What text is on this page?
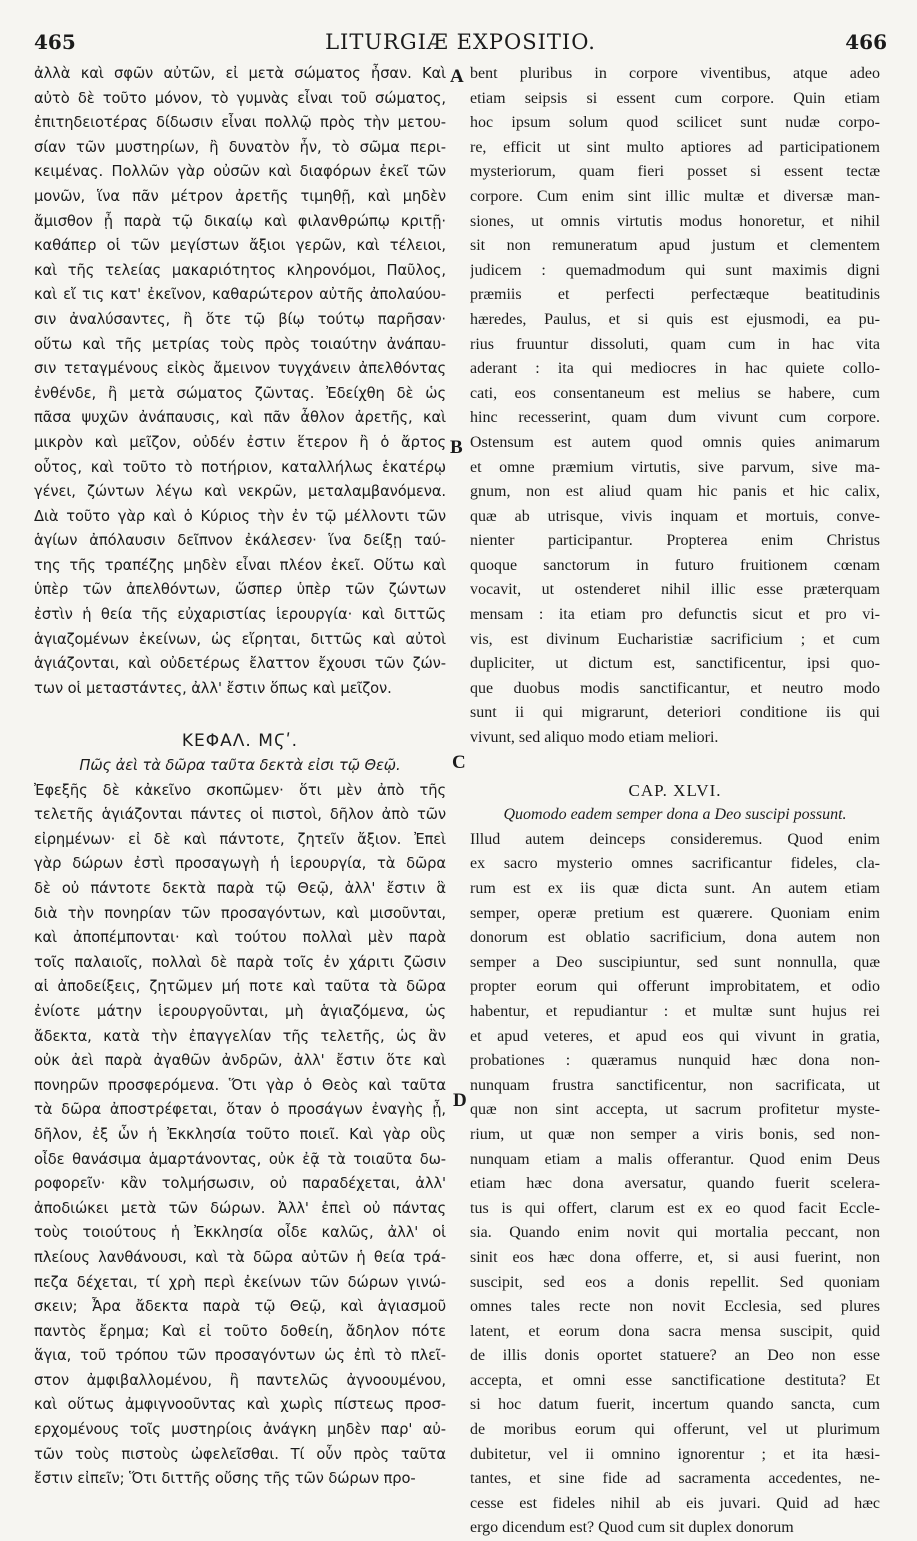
465	LITURGIÆ EXPOSITIO.	466
A
B
C
D
ἀλλὰ καὶ σφῶν αὐτῶν, εἰ μετὰ σώματος ἦσαν. Καὶ
αὐτὸ δὲ τοῦτο μόνον, τὸ γυμνὰς εἶναι τοῦ σώματος,
ἐπιτηδειοτέρας δίδωσιν εἶναι πολλῷ πρὸς τὴν μετου-
σίαν τῶν μυστηρίων, ἢ δυνατὸν ἦν, τὸ σῶμα περι-
κειμένας. Πολλῶν γὰρ οὐσῶν καὶ διαφόρων ἐκεῖ τῶν
μονῶν, ἵνα πᾶν μέτρον ἀρετῆς τιμηθῇ, καὶ μηδὲν
ἄμισθον ᾖ παρὰ τῷ δικαίῳ καὶ φιλανθρώπῳ κριτῇ·
καθάπερ οἱ τῶν μεγίστων ἄξιοι γερῶν, καὶ τέλειοι,
καὶ τῆς τελείας μακαριότητος κληρονόμοι, Παῦλος,
καὶ εἴ τις κατ' ἐκεῖνον, καθαρώτερον αὐτῆς ἀπολαύου-
σιν ἀναλύσαντες, ἢ ὅτε τῷ βίῳ τούτῳ παρῆσαν·
οὕτω καὶ τῆς μετρίας τοὺς πρὸς τοιαύτην ἀνάπαυ-
σιν τεταγμένους εἰκὸς ἄμεινον τυγχάνειν ἀπελθόντας
ἐνθένδε, ἢ μετὰ σώματος ζῶντας. Ἐδείχθη δὲ ὡς
πᾶσα ψυχῶν ἀνάπαυσις, καὶ πᾶν ἆθλον ἀρετῆς, καὶ
μικρὸν καὶ μεῖζον, οὐδέν ἐστιν ἕτερον ἢ ὁ ἄρτος
οὗτος, καὶ τοῦτο τὸ ποτήριον, καταλλήλως ἑκατέρῳ
γένει, ζώντων λέγω καὶ νεκρῶν, μεταλαμβανόμενα.
Διὰ τοῦτο γὰρ καὶ ὁ Κύριος τὴν ἐν τῷ μέλλοντι τῶν
ἁγίων ἀπόλαυσιν δεῖπνον ἐκάλεσεν· ἵνα δείξῃ ταύ-
της τῆς τραπέζης μηδὲν εἶναι πλέον ἐκεῖ. Οὕτω καὶ
ὑπὲρ τῶν ἀπελθόντων, ὥσπερ ὑπὲρ τῶν ζώντων
ἐστὶν ἡ θεία τῆς εὐχαριστίας ἱερουργία· καὶ διττῶς
ἁγιαζομένων ἐκείνων, ὡς εἴρηται, διττῶς καὶ αὐτοὶ
ἁγιάζονται, καὶ οὐδετέρως ἔλαττον ἔχουσι τῶν ζών-
των οἱ μεταστάντες, ἀλλ' ἔστιν ὅπως καὶ μεῖζον.
ΚΕΦΑΛ. ΜϚʹ.
Πῶς ἀεὶ τὰ δῶρα ταῦτα δεκτὰ εἰσι τῷ Θεῷ.
Ἐφεξῆς δὲ κἀκεῖνο σκοπῶμεν· ὅτι μὲν ἀπὸ τῆς
τελετῆς ἁγιάζονται πάντες οἱ πιστοὶ, δῆλον ἀπὸ τῶν
εἰρημένων· εἰ δὲ καὶ πάντοτε, ζητεῖν ἄξιον. Ἐπεὶ
γὰρ δώρων ἐστὶ προσαγωγὴ ἡ ἱερουργία, τὰ δῶρα
δὲ οὐ πάντοτε δεκτὰ παρὰ τῷ Θεῷ, ἀλλ' ἔστιν ἃ
διὰ τὴν πονηρίαν τῶν προσαγόντων, καὶ μισοῦνται,
καὶ ἀποπέμπονται· καὶ τούτου πολλαὶ μὲν παρὰ
τοῖς παλαιοῖς, πολλαὶ δὲ παρὰ τοῖς ἐν χάριτι ζῶσιν
αἱ ἀποδείξεις, ζητῶμεν μή ποτε καὶ ταῦτα τὰ δῶρα
ἐνίοτε μάτην ἱερουργοῦνται, μὴ ἁγιαζόμενα, ὡς
ἄδεκτα, κατὰ τὴν ἐπαγγελίαν τῆς τελετῆς, ὡς ἂν
οὐκ ἀεὶ παρὰ ἀγαθῶν ἀνδρῶν, ἀλλ' ἔστιν ὅτε καὶ
πονηρῶν προσφερόμενα. Ὅτι γὰρ ὁ Θεὸς καὶ ταῦτα
τὰ δῶρα ἀποστρέφεται, ὅταν ὁ προσάγων ἐναγὴς ᾖ,
δῆλον, ἐξ ὧν ἡ Ἐκκλησία τοῦτο ποιεῖ. Καὶ γὰρ οὓς
οἶδε θανάσιμα ἁμαρτάνοντας, οὐκ ἐᾷ τὰ τοιαῦτα δω-
ροφορεῖν· κἂν τολμήσωσιν, οὐ παραδέχεται, ἀλλ'
ἀποδιώκει μετὰ τῶν δώρων. Ἀλλ' ἐπεὶ οὐ πάντας
τοὺς τοιούτους ἡ Ἐκκλησία οἶδε καλῶς, ἀλλ' οἱ
πλείους λανθάνουσι, καὶ τὰ δῶρα αὐτῶν ἡ θεία τρά-
πεζα δέχεται, τί χρὴ περὶ ἐκείνων τῶν δώρων γινώ-
σκειν; Ἆρα ἄδεκτα παρὰ τῷ Θεῷ, καὶ ἁγιασμοῦ
παντὸς ἔρημα; Καὶ εἰ τοῦτο δοθείη, ἄδηλον πότε
ἅγια, τοῦ τρόπου τῶν προσαγόντων ὡς ἐπὶ τὸ πλεῖ-
στον ἀμφιβαλλομένου, ἢ παντελῶς ἀγνοουμένου,
καὶ οὕτως ἀμφιγνοοῦντας καὶ χωρὶς πίστεως προσ-
ερχομένους τοῖς μυστηρίοις ἀνάγκη μηδὲν παρ' αὐ-
τῶν τοὺς πιστοὺς ὠφελεῖσθαι. Τί οὖν πρὸς ταῦτα
ἔστιν εἰπεῖν; Ὅτι διττῆς οὔσης τῆς τῶν δώρων προ-
bent pluribus in corpore viventibus, atque adeo
etiam seipsis si essent cum corpore. Quin etiam
hoc ipsum solum quod scilicet sunt nudæ corpo-
re, efficit ut sint multo aptiores ad participationem
mysteriorum, quam fieri posset si essent tectæ
corpore. Cum enim sint illic multæ et diversæ man-
siones, ut omnis virtutis modus honoretur, et nihil
sit non remuneratum apud justum et clementem
judicem : quemadmodum qui sunt maximis digni
præmiis et perfecti perfectæque beatitudinis
hæredes, Paulus, et si quis est ejusmodi, ea pu-
rius fruuntur dissoluti, quam cum in hac vita
aderant : ita qui mediocres in hac quiete collo-
cati, eos consentaneum est melius se habere, cum
hinc recesserint, quam dum vivunt cum corpore.
Ostensum est autem quod omnis quies animarum
et omne præmium virtutis, sive parvum, sive ma-
gnum, non est aliud quam hic panis et hic calix,
quæ ab utrisque, vivis inquam et mortuis, conve-
nienter participantur. Propterea enim Christus
quoque sanctorum in futuro fruitionem cœnam
vocavit, ut ostenderet nihil illic esse præterquam
mensam : ita etiam pro defunctis sicut et pro vi-
vis, est divinum Eucharistiæ sacrificium ; et cum
dupliciter, ut dictum est, sanctificentur, ipsi quo-
que duobus modis sanctificantur, et neutro modo
sunt ii qui migrarunt, deteriori conditione iis qui
vivunt, sed aliquo modo etiam meliori.
CAP. XLVI.
Quomodo eadem semper dona a Deo suscipi possunt.
Illud autem deinceps consideremus. Quod enim
ex sacro mysterio omnes sacrificantur fideles, cla-
rum est ex iis quæ dicta sunt. An autem etiam
semper, operæ pretium est quærere. Quoniam enim
donorum est oblatio sacrificium, dona autem non
semper a Deo suscipiuntur, sed sunt nonnulla, quæ
propter eorum qui offerunt improbitatem, et odio
habentur, et repudiantur : et multæ sunt hujus rei
et apud veteres, et apud eos qui vivunt in gratia,
probationes : quæramus nunquid hæc dona non-
nunquam frustra sanctificentur, non sacrificata, ut
quæ non sint accepta, ut sacrum profitetur myste-
rium, ut quæ non semper a viris bonis, sed non-
nunquam etiam a malis offerantur. Quod enim Deus
etiam hæc dona aversatur, quando fuerit scelera-
tus is qui offert, clarum est ex eo quod facit Eccle-
sia. Quando enim novit qui mortalia peccant, non
sinit eos hæc dona offerre, et, si ausi fuerint, non
suscipit, sed eos a donis repellit. Sed quoniam
omnes tales recte non novit Ecclesia, sed plures
latent, et eorum dona sacra mensa suscipit, quid
de illis donis oportet statuere? an Deo non esse
accepta, et omni esse sanctificatione destituta? Et
si hoc datum fuerit, incertum quando sancta, cum
de moribus eorum qui offerunt, vel ut plurimum
dubitetur, vel ii omnino ignorentur ; et ita hæsi-
tantes, et sine fide ad sacramenta accedentes, ne-
cesse est fideles nihil ab eis juvari. Quid ad hæc
ergo dicendum est? Quod cum sit duplex donorum
